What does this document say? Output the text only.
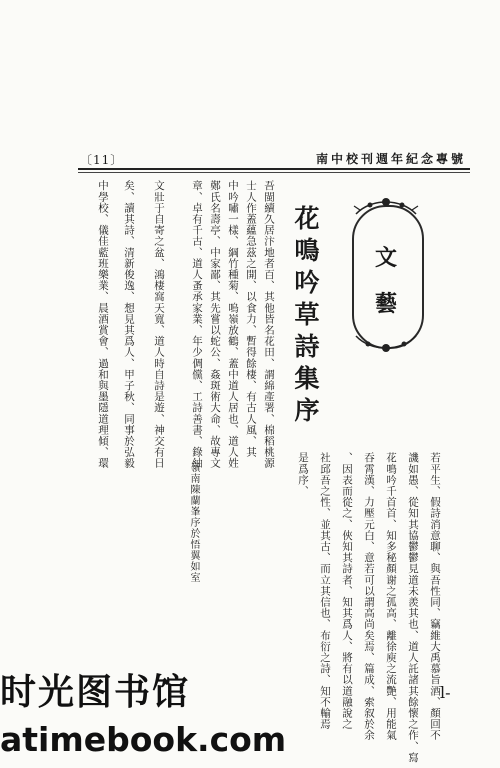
〔11〕	南中校刊週年紀念專號
文
藝
花鳴吟草詩集序
吾閩續久居汴地者百、其他皆名花田、謂綿產署、棉稻桃源
士人作蓋蘊急茲之開、以食力、暫得餘棲、有古人風、其
中吟嘯一樣、綱竹種菊、嗚嶺放鶴、蓋中道人居也、道人姓
鄭氏名壽亭、中家鄙、其先嘗以蛇公、姦斑術大命、故專文
章、卓有千古、道人蚤承家業、年少倜儻、工詩善書、錄紬
文壯于自寄之盆、鴻棲窩天寬、道人時自詩是遊、神交有日
矣、讀其詩、清新俊逸、想見其爲人、甲子秋、同事於弘毅
中學校、儀佳藍班樂業、晨酒賞會、過和與墨隱道理傾、環
若平生、假詩消意聊、與吾性同、竊維大禹慕旨酒、顏回不
譏如愚、從知其協鬱鬱見道未羨其也、道人託諸其餘懷之作、寫
花鳴吟千首首、知多秘顏谢之孤高、離徐庾之流艷、用能氣
吞霄漢、力壓元白、意若可以謂高尚矣焉、篇成、索叙於余
、因表而從之、俠知其詩者、知其爲人、將有以道融說之
社邱吾之性、並其古、而立其信也、布衍之詩、知不輸焉
是爲序、
嶺南陳蘭峯序於悟翼如室
l-
时光图书馆
atimebook.com
